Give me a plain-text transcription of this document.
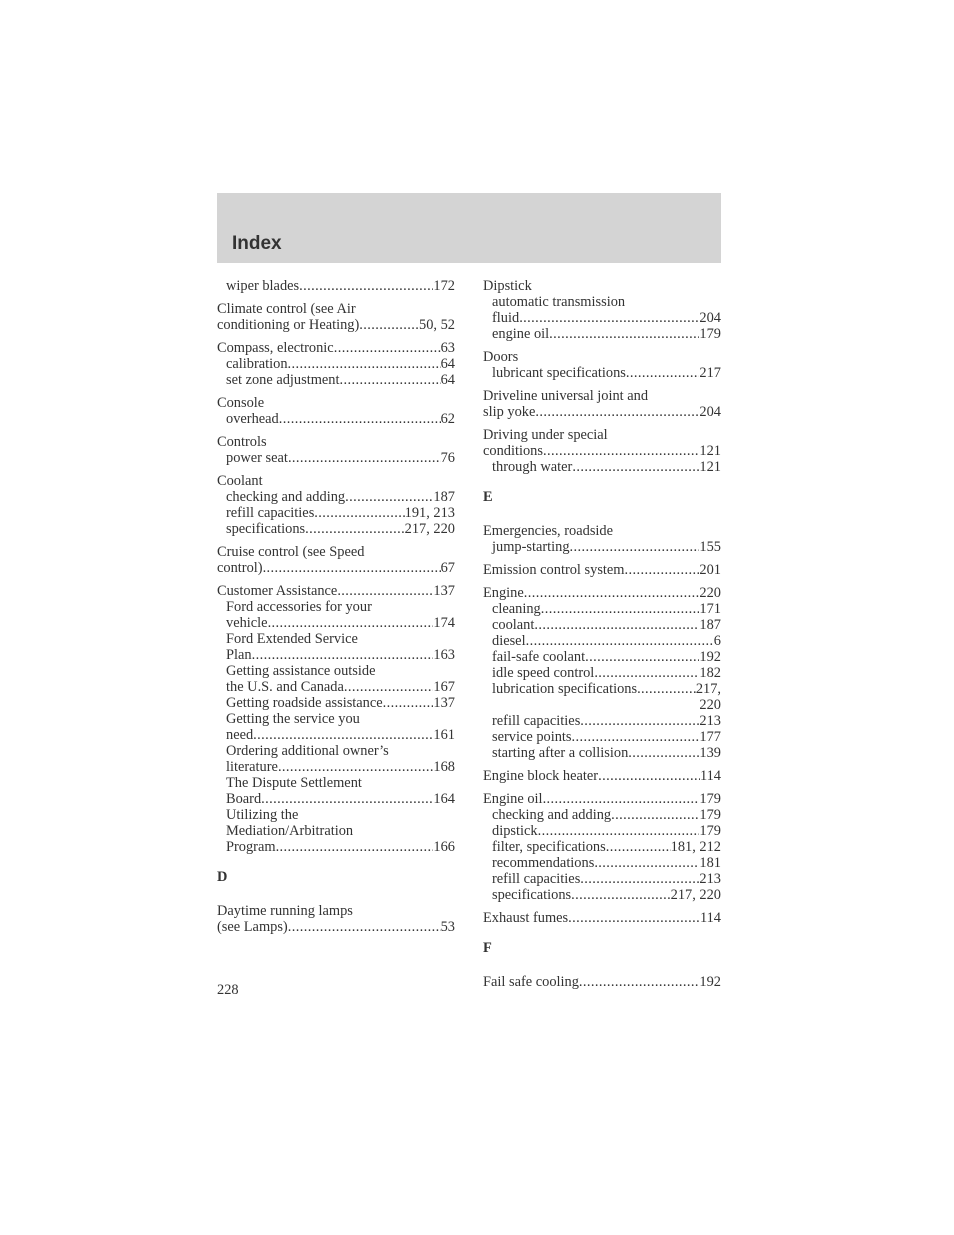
Index
wiper blades .....	172
Climate control (see Air
conditioning or Heating) .....	50, 52
Compass, electronic .....	63
calibration .....	64
set zone adjustment .....	64
Console
overhead .....	62
Controls
power seat .....	76
Coolant
checking and adding .....	187
refill capacities .....	191, 213
specifications .....	217, 220
Cruise control (see Speed
control) .....	67
Customer Assistance .....	137
Ford accessories for your
vehicle .....	174
Ford Extended Service
Plan .....	163
Getting assistance outside
the U.S. and Canada .....	167
Getting roadside assistance .....	137
Getting the service you
need .....	161
Ordering additional owner’s
literature .....	168
The Dispute Settlement
Board .....	164
Utilizing the
Mediation/Arbitration
Program .....	166
D
Daytime running lamps
(see Lamps) .....	53
Dipstick
automatic transmission
fluid .....	204
engine oil .....	179
Doors
lubricant specifications .....	217
Driveline universal joint and
slip yoke .....	204
Driving under special
conditions .....	121
through water .....	121
E
Emergencies, roadside
jump-starting .....	155
Emission control system .....	201
Engine .....	220
cleaning .....	171
coolant .....	187
diesel .....	6
fail-safe coolant .....	192
idle speed control .....	182
lubrication specifications .....	217,
220
refill capacities .....	213
service points .....	177
starting after a collision .....	139
Engine block heater .....	114
Engine oil .....	179
checking and adding .....	179
dipstick .....	179
filter, specifications .....	181, 212
recommendations .....	181
refill capacities .....	213
specifications .....	217, 220
Exhaust fumes .....	114
F
Fail safe cooling .....	192
228
